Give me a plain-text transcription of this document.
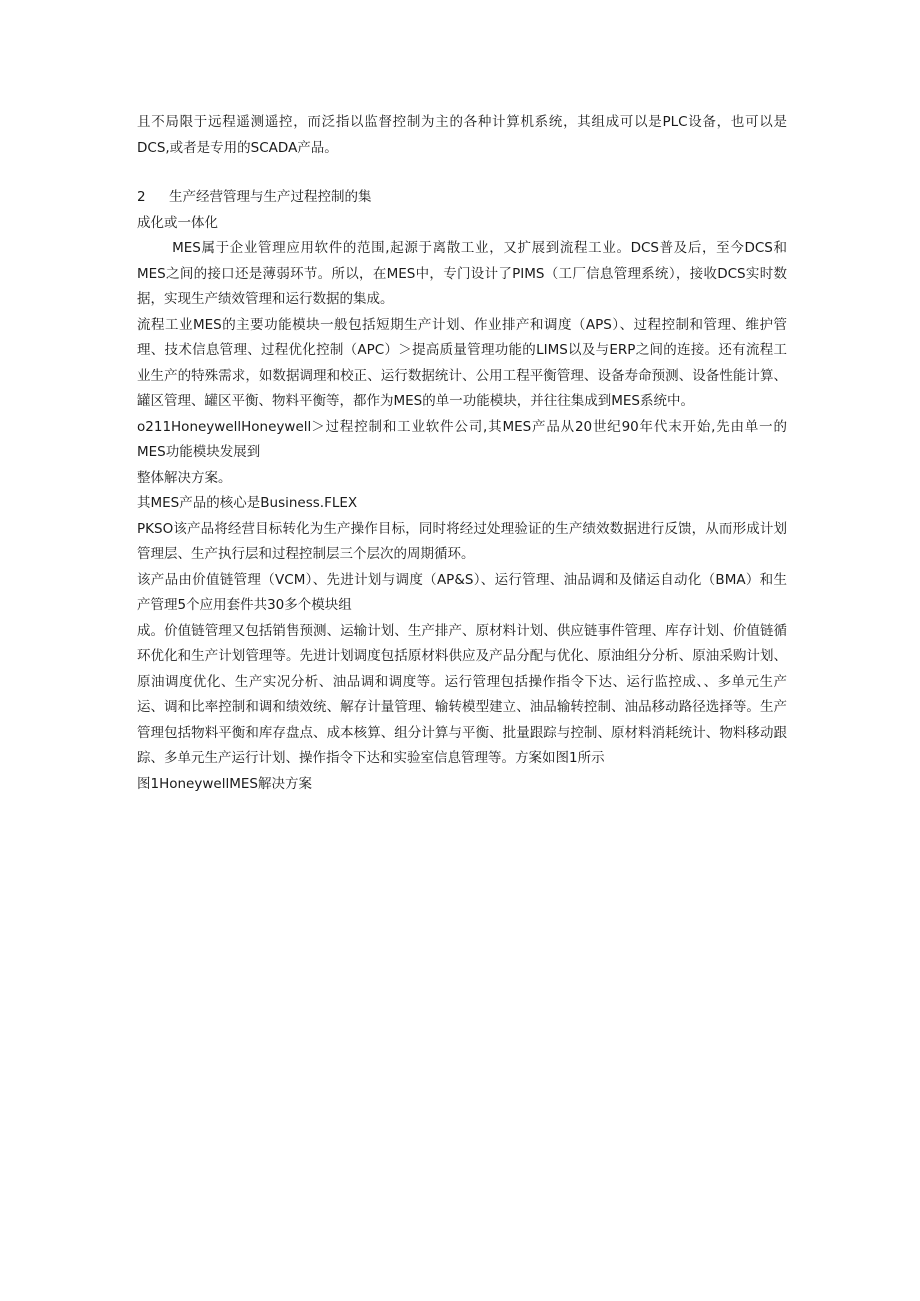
且不局限于远程遥测遥控，而泛指以监督控制为主的各种计算机系统，其组成可以是PLC设备，也可以是DCS,或者是专用的SCADA产品。

2 生产经营管理与生产过程控制的集

成化或一体化

MES属于企业管理应用软件的范围,起源于离散工业，又扩展到流程工业。DCS普及后，至今DCS和MES之间的接口还是薄弱环节。所以，在MES中，专门设计了PIMS（工厂信息管理系统），接收DCS实时数据，实现生产绩效管理和运行数据的集成。

流程工业MES的主要功能模块一般包括短期生产计划、作业排产和调度（APS）、过程控制和管理、维护管理、技术信息管理、过程优化控制（APC）＞提高质量管理功能的LIMS以及与ERP之间的连接。还有流程工业生产的特殊需求，如数据调理和校正、运行数据统计、公用工程平衡管理、设备寿命预测、设备性能计算、罐区管理、罐区平衡、物料平衡等，都作为MES的单一功能模块，并往往集成到MES系统中。

o211HoneywellHoneywell＞过程控制和工业软件公司,其MES产品从20世纪90年代末开始,先由单一的MES功能模块发展到

整体解决方案。

其MES产品的核心是Business.FLEX

PKSO该产品将经营目标转化为生产操作目标，同时将经过处理验证的生产绩效数据进行反馈，从而形成计划管理层、生产执行层和过程控制层三个层次的周期循环。

该产品由价值链管理（VCM）、先进计划与调度（AP&S）、运行管理、油品调和及储运自动化（BMA）和生产管理5个应用套件共30多个模块组

成。价值链管理又包括销售预测、运输计划、生产排产、原材料计划、供应链事件管理、库存计划、价值链循环优化和生产计划管理等。先进计划调度包括原材料供应及产品分配与优化、原油组分分析、原油采购计划、原油调度优化、生产实况分析、油品调和调度等。运行管理包括操作指令下达、运行监控成、、多单元生产运、调和比率控制和调和绩效统、解存计量管理、输转模型建立、油品输转控制、油品移动路径选择等。生产管理包括物料平衡和库存盘点、成本核算、组分计算与平衡、批量跟踪与控制、原材料消耗统计、物料移动跟踪、多单元生产运行计划、操作指令下达和实验室信息管理等。方案如图1所示

图1HoneywellMES解决方案
